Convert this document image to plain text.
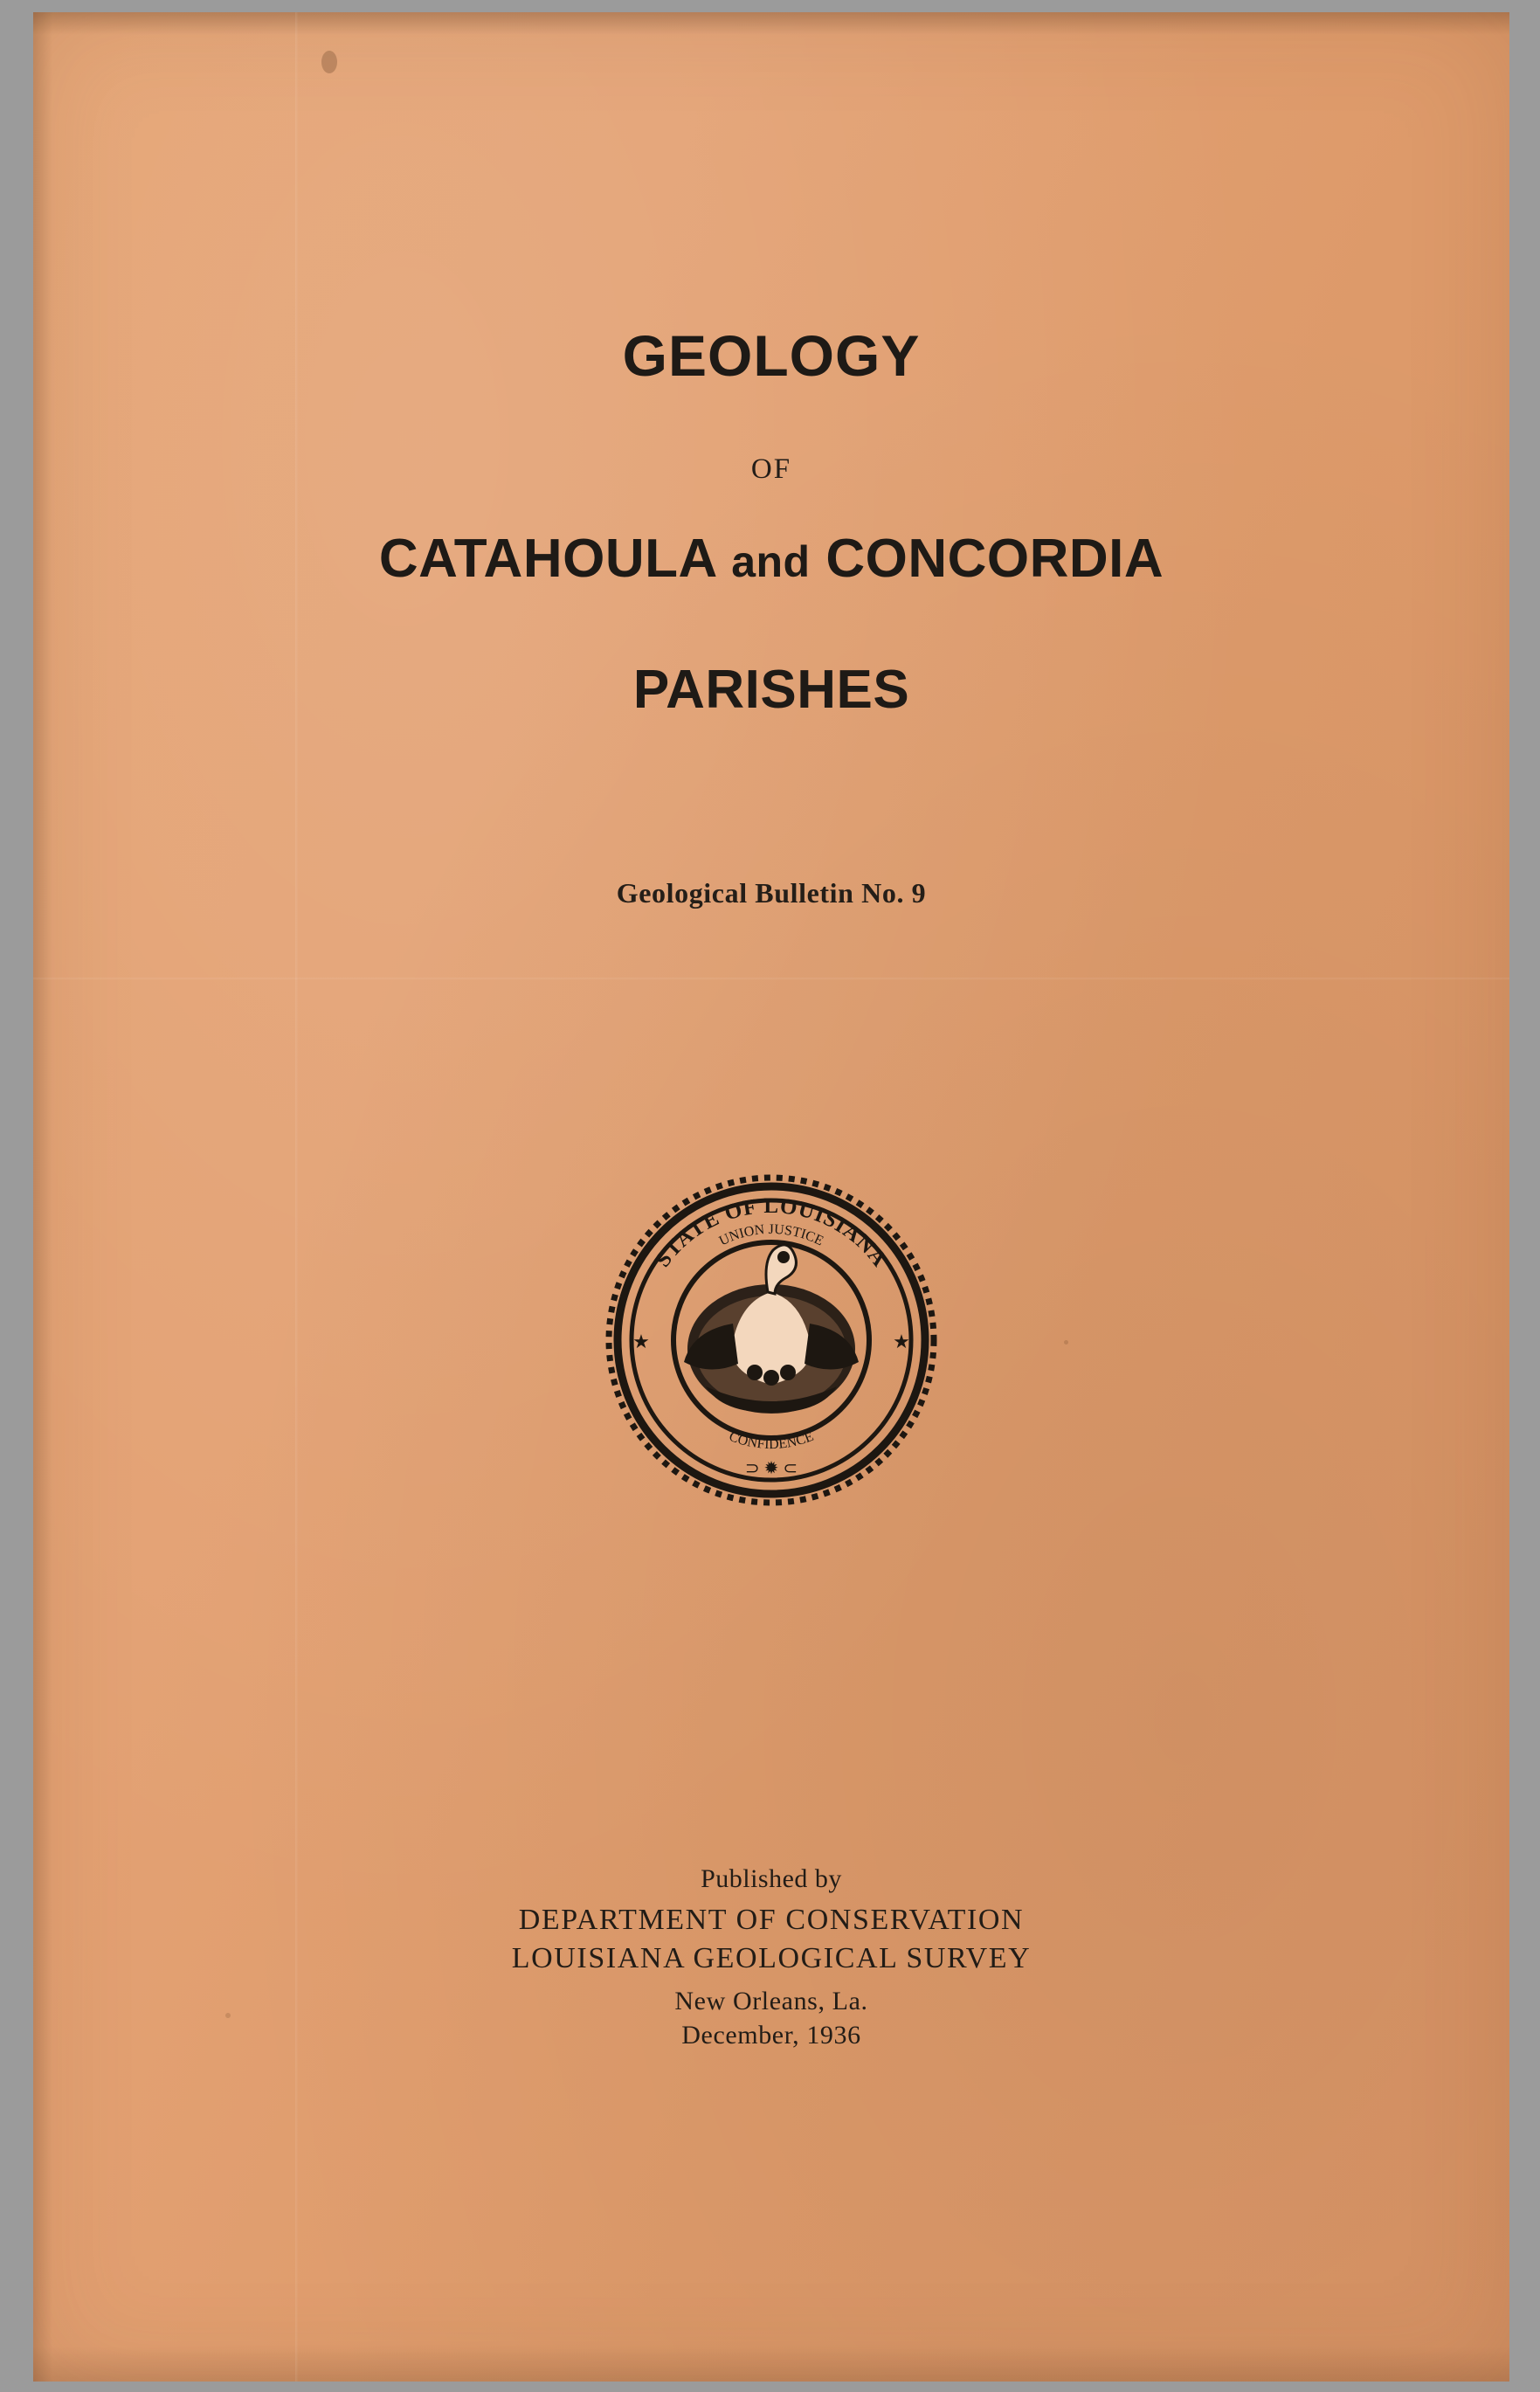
GEOLOGY
OF
CATAHOULA and CONCORDIA
PARISHES
Geological Bulletin No. 9
STATE OF LOUISIANA
UNION JUSTICE
CONFIDENCE
★	★
⊃ ✹ ⊂
Published by
DEPARTMENT OF CONSERVATION
LOUISIANA GEOLOGICAL SURVEY
New Orleans, La.
December, 1936
